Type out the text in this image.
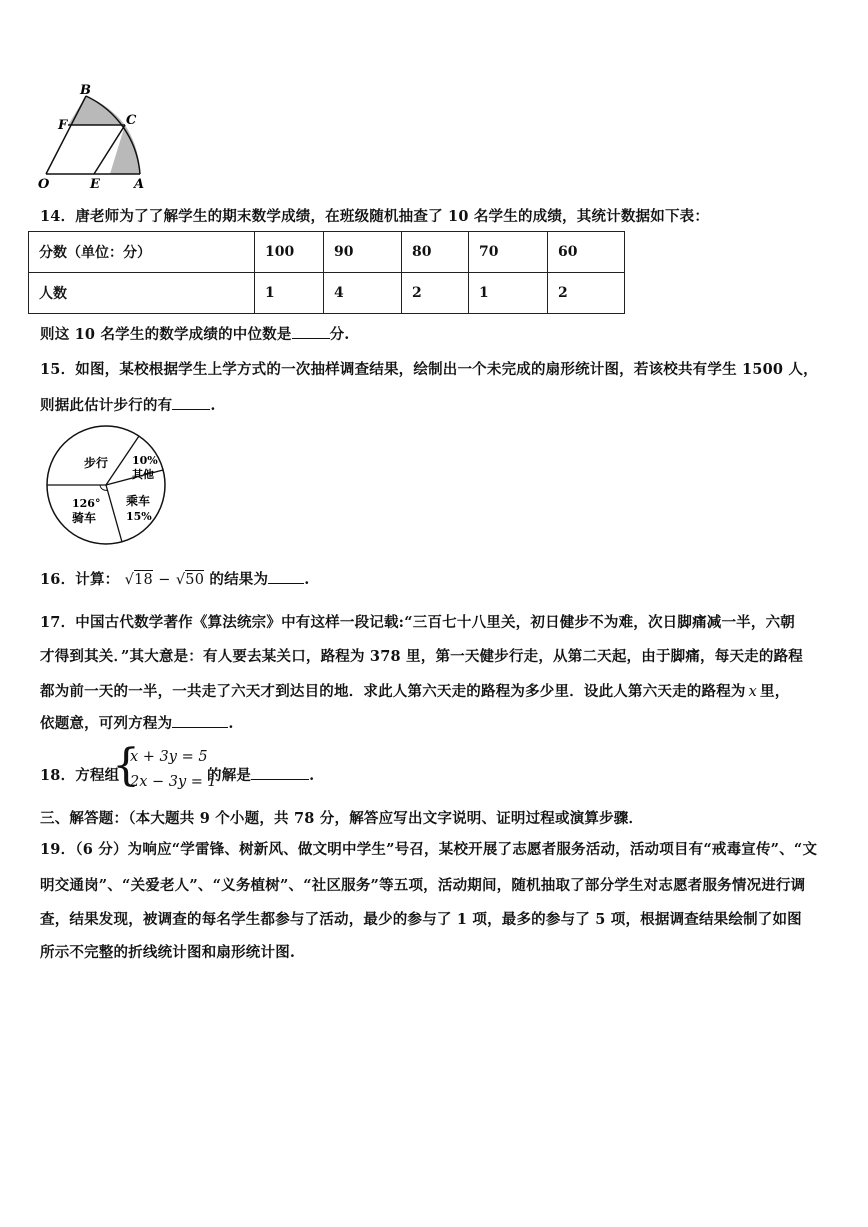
B
F	C
O	E	A
14．唐老师为了了解学生的期末数学成绩，在班级随机抽查了 10 名学生的成绩，其统计数据如下表：
分数（单位：分）	100	90	80	70	60
人数	1	4	2	1	2
则这 10 名学生的数学成绩的中位数是	分.
15．如图，某校根据学生上学方式的一次抽样调查结果，绘制出一个未完成的扇形统计图，若该校共有学生 1500 人，
则据此估计步行的有	.
步行 10%
其他
126°
骑车
乘车
15%
16．计算： √18 − √50 的结果为 .
17．中国古代数学著作《算法统宗》中有这样一段记载:“三百七十八里关，初日健步不为难，次日脚痛减一半，六朝
才得到其关．”其大意是：有人要去某关口，路程为 378 里，第一天健步行走，从第二天起，由于脚痛，每天走的路程
都为前一天的一半，一共走了六天才到达目的地．求此人第六天走的路程为多少里．设此人第六天走的路程为 x 里，
依题意，可列方程为	.
18．方程组
{
x + 3y = 5
2x − 3y = 1
的解是	.
三、解答题：（本大题共 9 个小题，共 78 分，解答应写出文字说明、证明过程或演算步骤．
19．（6 分）为响应“学雷锋、树新风、做文明中学生”号召，某校开展了志愿者服务活动，活动项目有“戒毒宣传”、“文
明交通岗”、“关爱老人”、“义务植树”、“社区服务”等五项，活动期间，随机抽取了部分学生对志愿者服务情况进行调
查，结果发现，被调查的每名学生都参与了活动，最少的参与了 1 项，最多的参与了 5 项，根据调查结果绘制了如图
所示不完整的折线统计图和扇形统计图.
